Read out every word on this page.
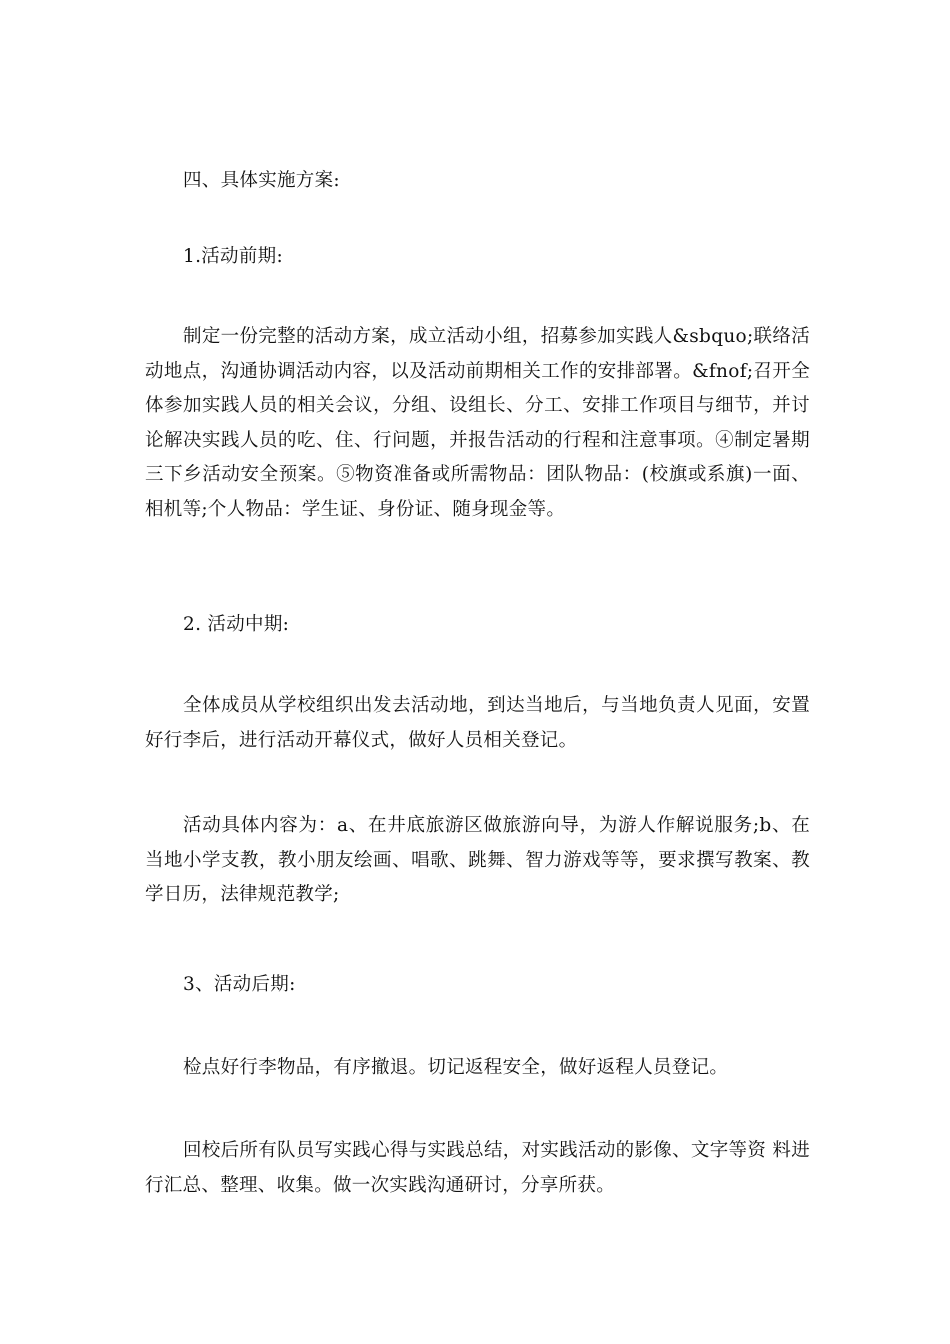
四、具体实施方案:

1.活动前期:

制定一份完整的活动方案，成立活动小组，招募参加实践人&sbquo;联络活动地点，沟通协调活动内容，以及活动前期相关工作的安排部署。&fnof;召开全体参加实践人员的相关会议，分组、设组长、分工、安排工作项目与细节，并讨论解决实践人员的吃、住、行问题，并报告活动的行程和注意事项。④制定暑期三下乡活动安全预案。⑤物资准备或所需物品：团队物品：(校旗或系旗)一面、相机等;个人物品：学生证、身份证、随身现金等。

2. 活动中期:

全体成员从学校组织出发去活动地，到达当地后，与当地负责人见面，安置好行李后，进行活动开幕仪式，做好人员相关登记。

活动具体内容为：a、在井底旅游区做旅游向导，为游人作解说服务;b、在当地小学支教，教小朋友绘画、唱歌、跳舞、智力游戏等等，要求撰写教案、教学日历，法律规范教学;

3、活动后期:

检点好行李物品，有序撤退。切记返程安全，做好返程人员登记。

回校后所有队员写实践心得与实践总结，对实践活动的影像、文字等资 料进行汇总、整理、收集。做一次实践沟通研讨，分享所获。
